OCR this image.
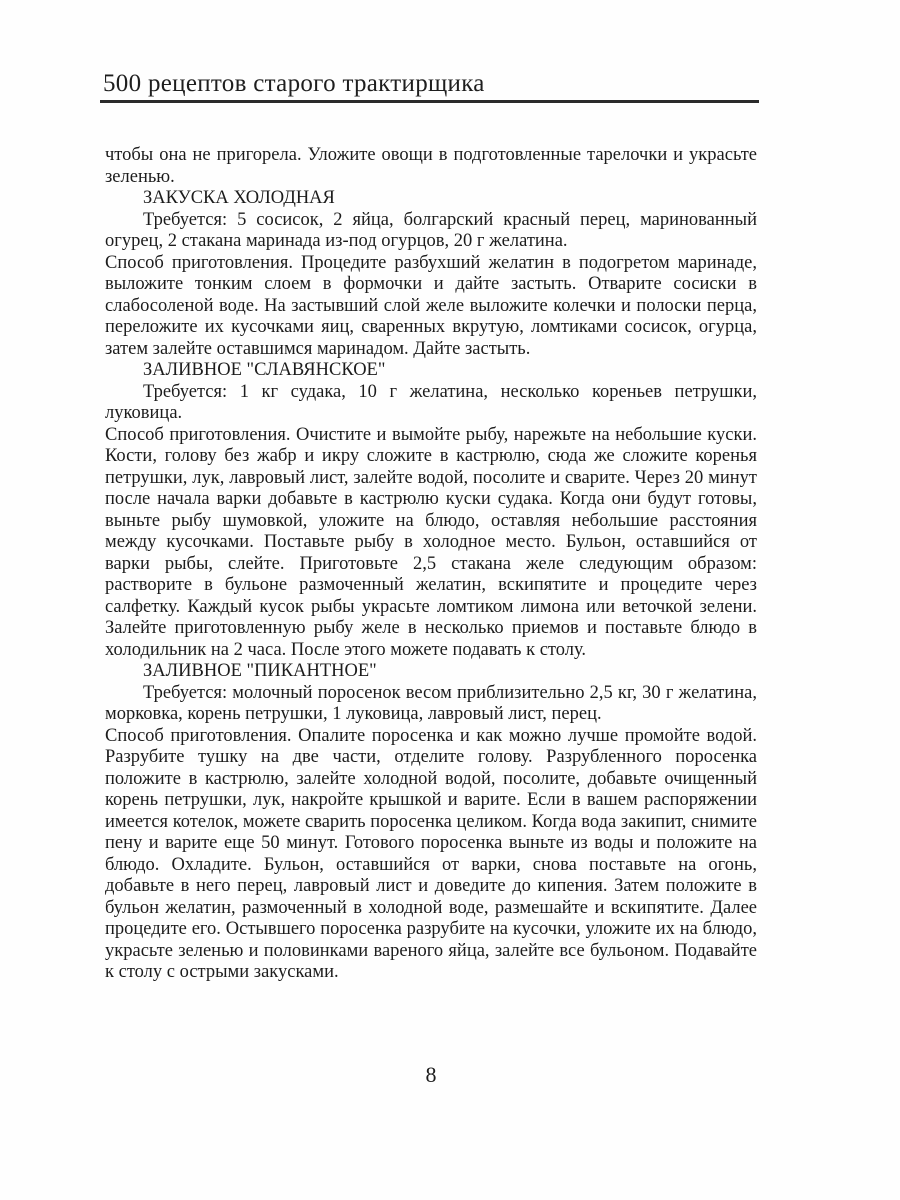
500 рецептов старого трактирщика

чтобы она не пригорела. Уложите овощи в подготовленные тарелочки и украсьте зеленью.

ЗАКУСКА ХОЛОДНАЯ

Требуется: 5 сосисок, 2 яйца, болгарский красный перец, маринованный огурец, 2 стакана маринада из-под огурцов, 20 г желатина.

Способ приготовления. Процедите разбухший желатин в подогретом маринаде, выложите тонким слоем в формочки и дайте застыть. Отварите сосиски в слабосоленой воде. На застывший слой желе выложите колечки и полоски перца, переложите их кусочками яиц, сваренных вкрутую, ломтиками сосисок, огурца, затем залейте оставшимся маринадом. Дайте застыть.

ЗАЛИВНОЕ "СЛАВЯНСКОЕ"

Требуется: 1 кг судака, 10 г желатина, несколько кореньев петрушки, луковица.

Способ приготовления. Очистите и вымойте рыбу, нарежьте на небольшие куски. Кости, голову без жабр и икру сложите в кастрюлю, сюда же сложите коренья петрушки, лук, лавровый лист, залейте водой, посолите и сварите. Через 20 минут после начала варки добавьте в кастрюлю куски судака. Когда они будут готовы, выньте рыбу шумовкой, уложите на блюдо, оставляя небольшие расстояния между кусочками. Поставьте рыбу в холодное место. Бульон, оставшийся от варки рыбы, слейте. Приготовьте 2,5 стакана желе следующим образом: растворите в бульоне размоченный желатин, вскипятите и процедите через салфетку. Каждый кусок рыбы украсьте ломтиком лимона или веточкой зелени. Залейте приготовленную рыбу желе в несколько приемов и поставьте блюдо в холодильник на 2 часа. После этого можете подавать к столу.

ЗАЛИВНОЕ "ПИКАНТНОЕ"

Требуется: молочный поросенок весом приблизительно 2,5 кг, 30 г желатина, морковка, корень петрушки, 1 луковица, лавровый лист, перец.

Способ приготовления. Опалите поросенка и как можно лучше промойте водой. Разрубите тушку на две части, отделите голову. Разрубленного поросенка положите в кастрюлю, залейте холодной водой, посолите, добавьте очищенный корень петрушки, лук, накройте крышкой и варите. Если в вашем распоряжении имеется котелок, можете сварить поросенка целиком. Когда вода закипит, снимите пену и варите еще 50 минут. Готового поросенка выньте из воды и положите на блюдо. Охладите. Бульон, оставшийся от варки, снова поставьте на огонь, добавьте в него перец, лавровый лист и доведите до кипения. Затем положите в бульон желатин, размоченный в холодной воде, размешайте и вскипятите. Далее процедите его. Остывшего поросенка разрубите на кусочки, уложите их на блюдо, украсьте зеленью и половинками вареного яйца, залейте все бульоном. Подавайте к столу с острыми закусками.

8
